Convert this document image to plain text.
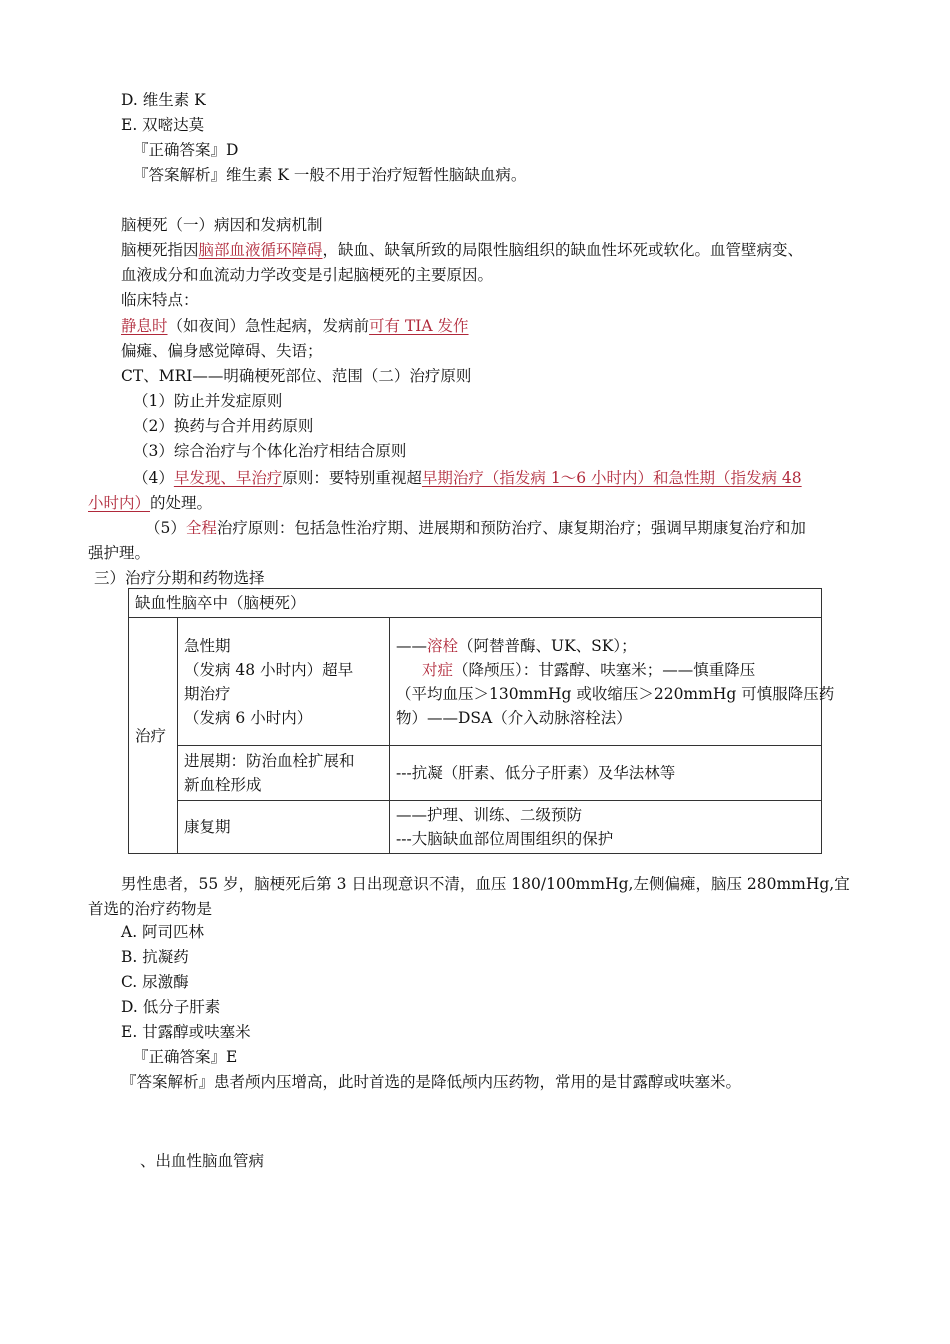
D. 维生素 K
E. 双嘧达莫
『正确答案』D
『答案解析』维生素 K 一般不用于治疗短暂性脑缺血病。
脑梗死（一）病因和发病机制
脑梗死指因脑部血液循环障碍，缺血、缺氧所致的局限性脑组织的缺血性坏死或软化。血管壁病变、
血液成分和血流动力学改变是引起脑梗死的主要原因。
临床特点：
静息时（如夜间）急性起病，发病前可有 TIA 发作
偏瘫、偏身感觉障碍、失语；
CT、MRI——明确梗死部位、范围（二）治疗原则
（1）防止并发症原则
（2）换药与合并用药原则
（3）综合治疗与个体化治疗相结合原则
（4）早发现、早治疗原则：要特别重视超早期治疗（指发病 1～6 小时内）和急性期（指发病 48
小时内）的处理。
（5）全程治疗原则：包括急性治疗期、进展期和预防治疗、康复期治疗；强调早期康复治疗和加
强护理。
三）治疗分期和药物选择
缺血性脑卒中（脑梗死）		
治疗	急性期
（发病 48 小时内）超早
期治疗
（发病 6 小时内）	——溶栓（阿替普酶、UK、SK）；
对症（降颅压）：甘露醇、呋塞米；——慎重降压
（平均血压＞130mmHg 或收缩压＞220mmHg 可慎服降压药
物）——DSA（介入动脉溶栓法）

	进展期：防治血栓扩展和
新血栓形成	---抗凝（肝素、低分子肝素）及华法林等
	康复期	——护理、训练、二级预防
---大脑缺血部位周围组织的保护
男性患者，55 岁，脑梗死后第 3 日出现意识不清，血压 180/100mmHg,左侧偏瘫，脑压 280mmHg,宜
首选的治疗药物是
A. 阿司匹林
B. 抗凝药
C. 尿激酶
D. 低分子肝素
E. 甘露醇或呋塞米
『正确答案』E
『答案解析』患者颅内压增高，此时首选的是降低颅内压药物，常用的是甘露醇或呋塞米。
、出血性脑血管病
